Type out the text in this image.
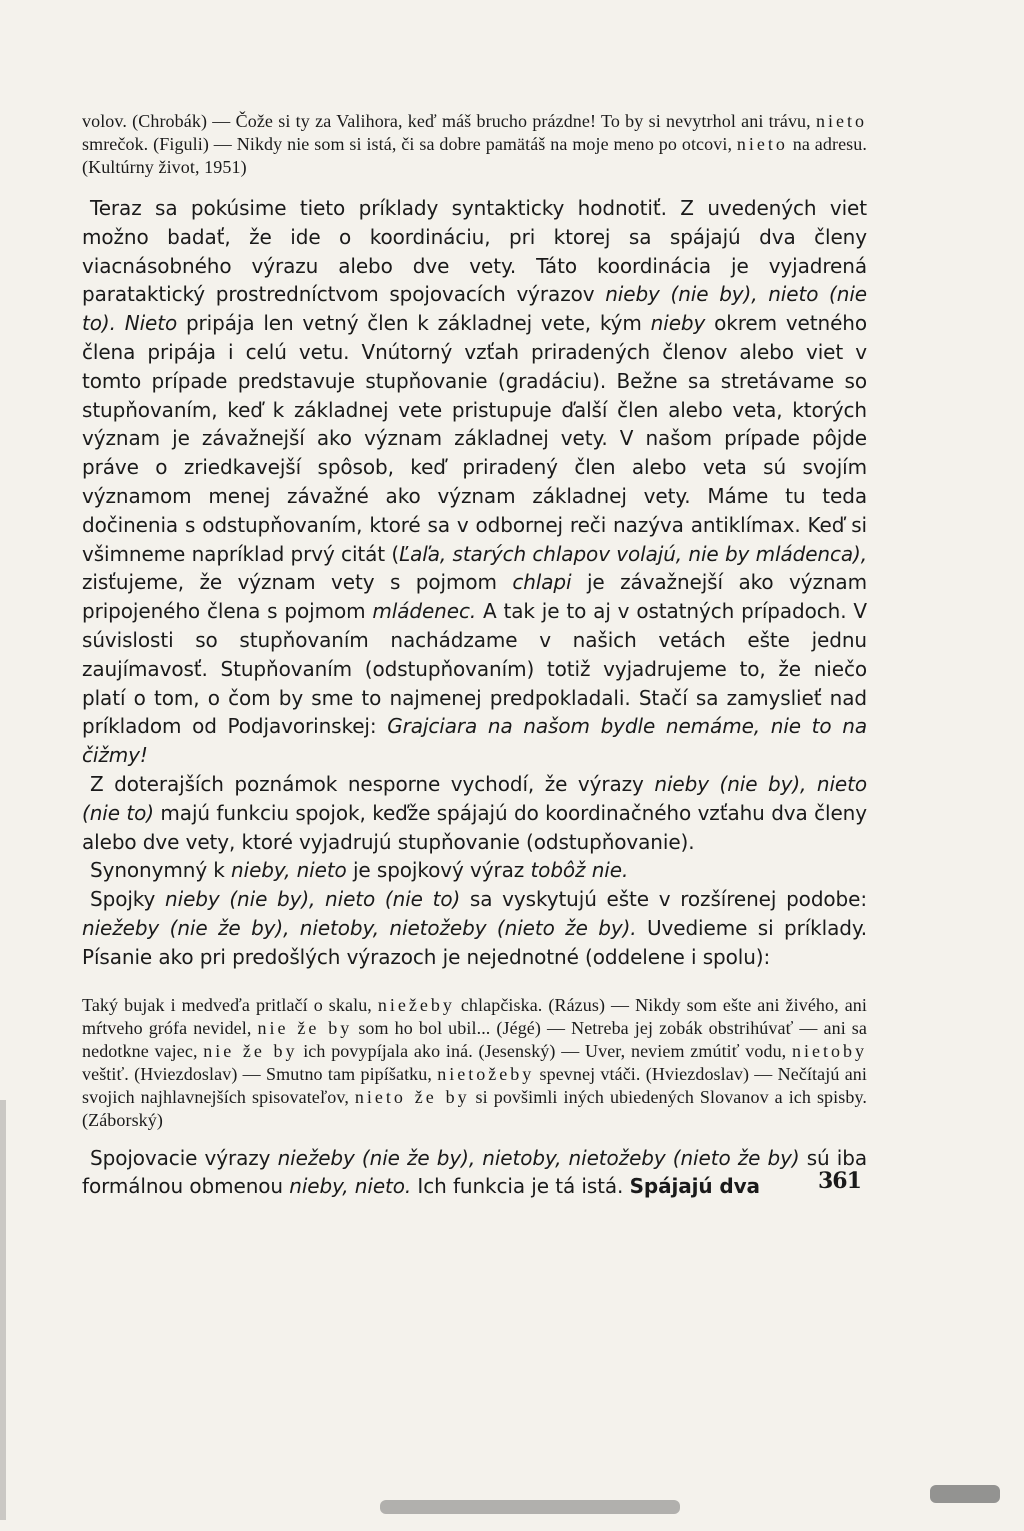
volov. (Chrobák) — Čože si ty za Valihora, keď máš brucho prázdne! To by si nevytrhol ani trávu, nieto smrečok. (Figuli) — Nikdy nie som si istá, či sa dobre pamätáš na moje meno po otcovi, nieto na adresu. (Kultúrny život, 1951)

Teraz sa pokúsime tieto príklady syntakticky hodnotiť. Z uvedených viet možno badať, že ide o koordináciu, pri ktorej sa spájajú dva členy viacnásobného výrazu alebo dve vety. Táto koordinácia je vyjadrená parataktický prostredníctvom spojovacích výrazov nieby (nie by), nieto (nie to). Nieto pripája len vetný člen k základnej vete, kým nieby okrem vetného člena pripája i celú vetu. Vnútorný vzťah priradených členov alebo viet v tomto prípade predstavuje stupňovanie (gradáciu). Bežne sa stretávame so stupňovaním, keď k základnej vete pristupuje ďalší člen alebo veta, ktorých význam je závažnejší ako význam základnej vety. V našom prípade pôjde práve o zriedkavejší spôsob, keď priradený člen alebo veta sú svojím významom menej závažné ako význam základnej vety. Máme tu teda dočinenia s odstupňovaním, ktoré sa v odbornej reči nazýva antiklímax. Keď si všimneme napríklad prvý citát (Ľaľa, starých chlapov volajú, nie by mládenca), zisťujeme, že význam vety s pojmom chlapi je závažnejší ako význam pripojeného člena s pojmom mládenec. A tak je to aj v ostatných prípadoch. V súvislosti so stupňovaním nachádzame v našich vetách ešte jednu zaujímavosť. Stupňovaním (odstupňovaním) totiž vyjadrujeme to, že niečo platí o tom, o čom by sme to najmenej predpokladali. Stačí sa zamyslieť nad príkladom od Podjavorinskej: Grajciara na našom bydle nemáme, nie to na čižmy!

Z doterajších poznámok nesporne vychodí, že výrazy nieby (nie by), nieto (nie to) majú funkciu spojok, keďže spájajú do koordinačného vzťahu dva členy alebo dve vety, ktoré vyjadrujú stupňovanie (odstupňovanie).

Synonymný k nieby, nieto je spojkový výraz tobôž nie.

Spojky nieby (nie by), nieto (nie to) sa vyskytujú ešte v rozšírenej podobe: niežeby (nie že by), nietoby, nietožeby (nieto že by). Uvedieme si príklady. Písanie ako pri predošlých výrazoch je nejednotné (oddelene i spolu):

Taký bujak i medveďa pritlačí o skalu, niežeby chlapčiska. (Rázus) — Nikdy som ešte ani živého, ani mŕtveho grófa nevidel, nie že by som ho bol ubil... (Jégé) — Netreba jej zobák obstrihúvať — ani sa nedotkne vajec, nie že by ich povypíjala ako iná. (Jesenský) — Uver, neviem zmútiť vodu, nietoby veštiť. (Hviezdoslav) — Smutno tam pipíšatku, nietožeby spevnej vtáči. (Hviezdoslav) — Nečítajú ani svojich najhlavnejších spisovateľov, nieto že by si povšimli iných ubiedených Slovanov a ich spisby. (Záborský)

Spojovacie výrazy niežeby (nie že by), nietoby, nietožeby (nieto že by) sú iba formálnou obmenou nieby, nieto. Ich funkcia je tá istá. Spájajú dva	361
